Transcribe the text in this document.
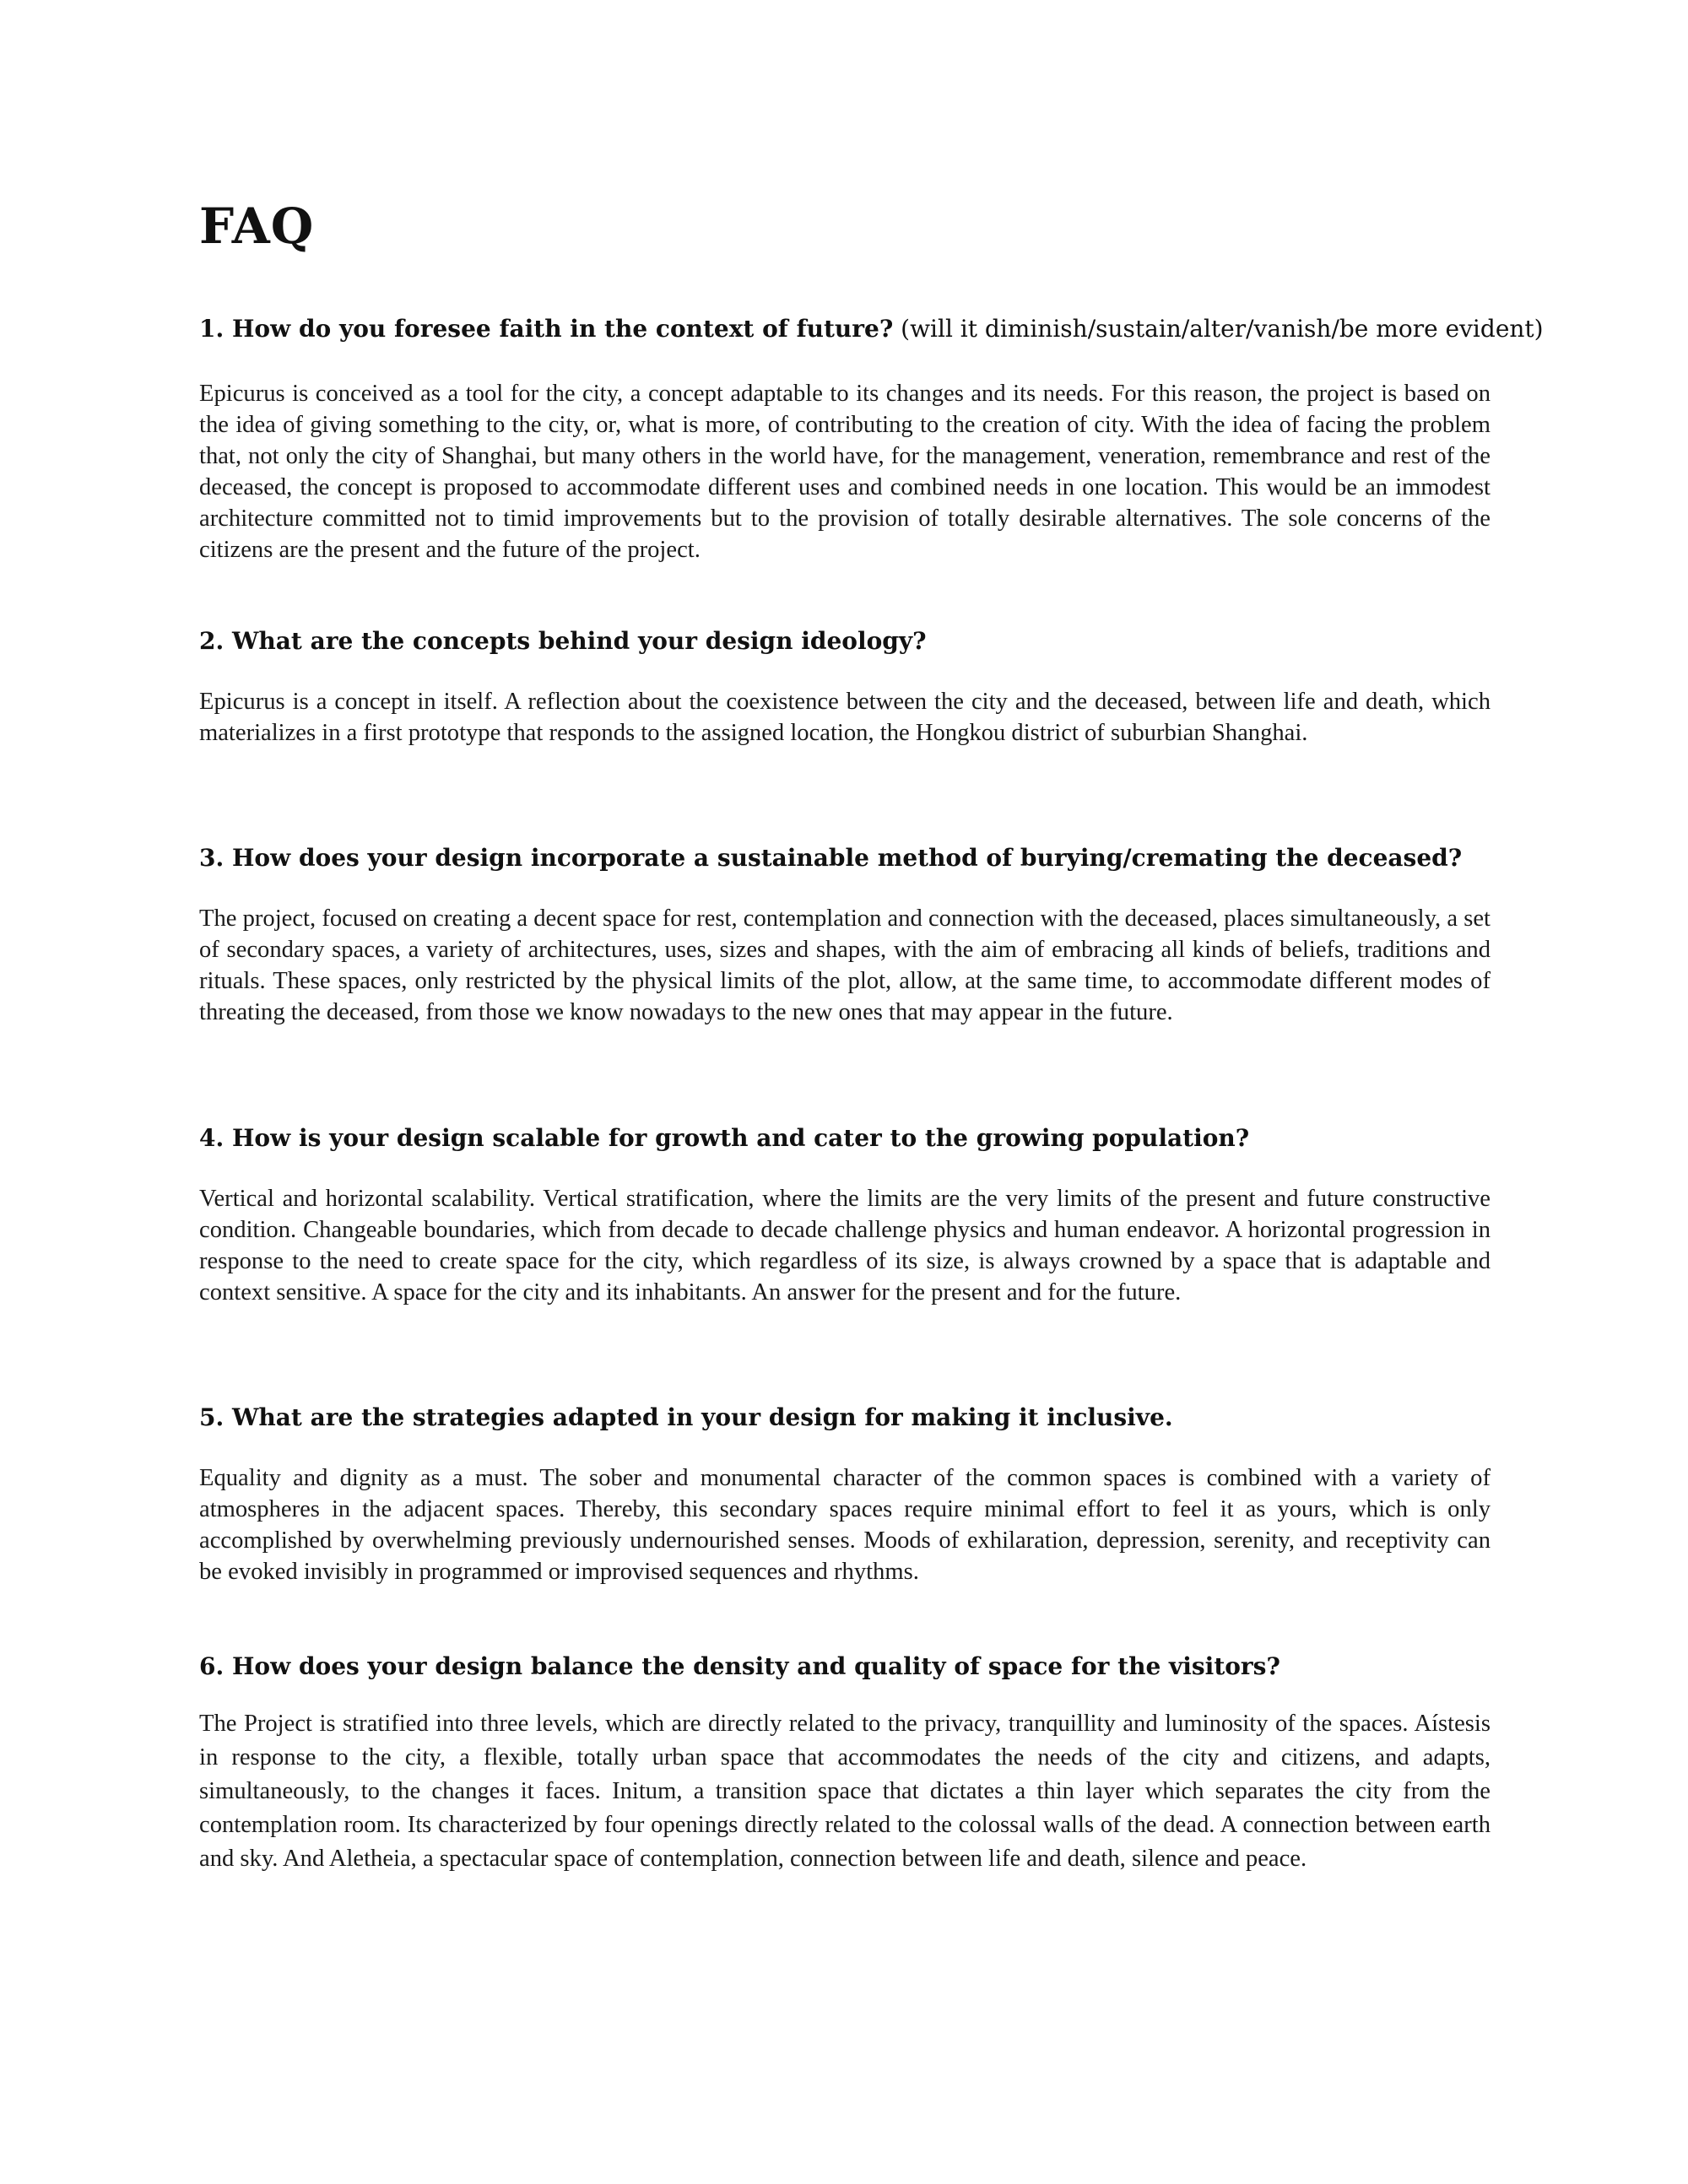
FAQ

1. How do you foresee faith in the context of future? (will it diminish/sustain/alter/vanish/be more evident)

Epicurus is conceived as a tool for the city, a concept adaptable to its changes and its needs. For this reason, the project is based on the idea of giving something to the city, or, what is more, of contributing to the creation of city. With the idea of facing the problem that, not only the city of Shanghai, but many others in the world have, for the management, veneration, remembrance and rest of the deceased, the concept is proposed to accommodate different uses and combined needs in one location. This would be an immodest architecture committed not to timid improvements but to the provision of totally desirable alternatives. The sole concerns of the citizens are the present and the future of the project.

2. What are the concepts behind your design ideology?

Epicurus is a concept in itself. A reflection about the coexistence between the city and the deceased, between life and death, which materializes in a first prototype that responds to the assigned location, the Hongkou district of suburbian Shanghai.

3. How does your design incorporate a sustainable method of burying/cremating the deceased?

The project, focused on creating a decent space for rest, contemplation and connection with the deceased, places simultaneously, a set of secondary spaces, a variety of architectures, uses, sizes and shapes, with the aim of embracing all kinds of beliefs, traditions and rituals. These spaces, only restricted by the physical limits of the plot, allow, at the same time, to accommodate different modes of threating the deceased, from those we know nowadays to the new ones that may appear in the future.

4. How is your design scalable for growth and cater to the growing population?

Vertical and horizontal scalability. Vertical stratification, where the limits are the very limits of the present and future constructive condition. Changeable boundaries, which from decade to decade challenge physics and human endeavor. A horizontal progression in response to the need to create space for the city, which regardless of its size, is always crowned by a space that is adaptable and context sensitive. A space for the city and its inhabitants. An answer for the present and for the future.

5. What are the strategies adapted in your design for making it inclusive.

Equality and dignity as a must. The sober and monumental character of the common spaces is combined with a variety of atmospheres in the adjacent spaces. Thereby, this secondary spaces require minimal effort to feel it as yours, which is only accomplished by overwhelming previously undernourished senses. Moods of exhilaration, depression, serenity, and receptivity can be evoked invisibly in programmed or improvised sequences and rhythms.

6. How does your design balance the density and quality of space for the visitors?

The Project is stratified into three levels, which are directly related to the privacy, tranquillity and luminosity of the spaces. Aístesis in response to the city, a flexible, totally urban space that accommodates the needs of the city and citizens, and adapts, simultaneously, to the changes it faces. Initum, a transition space that dictates a thin layer which separates the city from the contemplation room. Its characterized by four openings directly related to the colossal walls of the dead. A connection between earth and sky. And Aletheia, a spectacular space of contemplation, connection between life and death, silence and peace.
